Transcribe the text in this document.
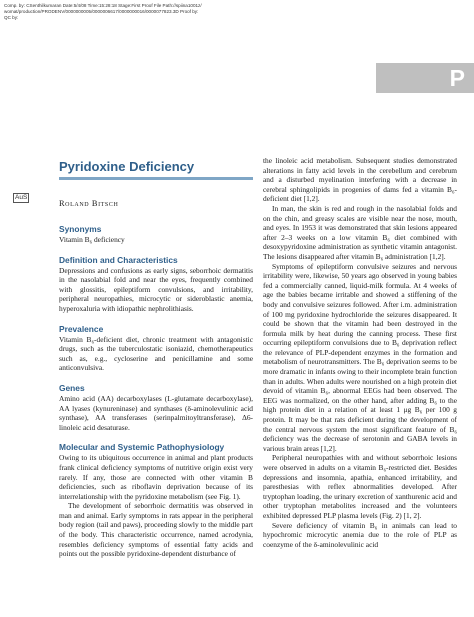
Comp. by: CSenthilkumaran Date:5/4/08 Time:15:28:18 Stage:First Proof File Path://spiina1001z/
womat/production/PRODENV/0000000005/0000006617/0000000016/0000077823.3D Proof by:
QC by:
P
Pyridoxine Deficiency
AuS
Roland Bitsch
Synonyms

Vitamin B₆ deficiency

Definition and Characteristics

Depressions and confusions as early signs, seborrhoic dermatitis in the nasolabial fold and near the eyes, frequently combined with glossitis, epileptiform convulsions, and irritability, peripheral neuropathies, microcytic or sideroblastic anemia, hyperoxaluria with idiopathic nephrolithiasis.

Prevalence

Vitamin B₆-deficient diet, chronic treatment with antagonistic drugs, such as the tuberculostatic isoniazid, chemotherapeutics such as, e.g., cycloserine and penicillamine and some anticonvulsiva.

Genes

Amino acid (AA) decarboxylases (L-glutamate decarboxylase), AA lyases (kynureninase) and synthases (δ-aminolevulinic acid synthase), AA transferases (serinpalmitoyltransferase), Δ6-linoleic acid desaturase.

Molecular and Systemic Pathophysiology

Owing to its ubiquitous occurrence in animal and plant products frank clinical deficiency symptoms of nutritive origin exist very rarely. If any, those are connected with other vitamin B deficiencies, such as riboflavin deprivation because of its interrelationship with the pyridoxine metabolism (see Fig. 1).

The development of seborrhoic dermatitis was observed in man and animal. Early symptoms in rats appear in the peripheral body region (tail and paws), proceeding slowly to the middle part of the body. This characteristic occurrence, named acrodynia, resembles deficiency symptoms of essential fatty acids and points out the possible pyridoxine-dependent disturbance of

the linoleic acid metabolism. Subsequent studies demonstrated alterations in fatty acid levels in the cerebellum and cerebrum and a disturbed myelination interfering with a decrease in cerebral sphingolipids in progenies of dams fed a vitamin B₆-deficient diet [1,2].

In man, the skin is red and rough in the nasolabial folds and on the chin, and greasy scales are visible near the nose, mouth, and eyes. In 1953 it was demonstrated that skin lesions appeared after 2–3 weeks on a low vitamin B₆ diet combined with desoxypyridoxine administration as synthetic vitamin antagonist. The lesions disappeared after vitamin B₆ administration [1,2].

Symptoms of epileptiform convulsive seizures and nervous irritability were, likewise, 50 years ago observed in young babies fed a commercially canned, liquid-milk formula. At 4 weeks of age the babies became irritable and showed a stiffening of the body and convulsive seizures followed. After i.m. administration of 100 mg pyridoxine hydrochloride the seizures disappeared. It could be shown that the vitamin had been destroyed in the formula milk by heat during the canning process. These first occurring epileptiform convulsions due to B₆ deprivation reflect the relevance of PLP-dependent enzymes in the formation and metabolism of neurotransmitters. The B₆ deprivation seems to be more dramatic in infants owing to their incomplete brain function than in adults. When adults were nourished on a high protein diet devoid of vitamin B₆, abnormal EEGs had been observed. The EEG was normalized, on the other hand, after adding B₆ to the high protein diet in a relation of at least 1 μg B₆ per 100 g protein. It may be that rats deficient during the development of the central nervous system the most significant feature of B₆ deficiency was the decrease of serotonin and GABA levels in various brain areas [1,2].

Peripheral neuropathies with and without seborrhoic lesions were observed in adults on a vitamin B₆-restricted diet. Besides depressions and insomnia, apathia, enhanced irritability, and paresthesias with reflex abnormalities developed. After tryptophan loading, the urinary excretion of xanthurenic acid and other tryptophan metabolites increased and the volunteers exhibited depressed PLP plasma levels (Fig. 2) [1, 2].

Severe deficiency of vitamin B₆ in animals can lead to hypochromic microcytic anemia due to the role of PLP as coenzyme of the δ-aminolevulinic acid
